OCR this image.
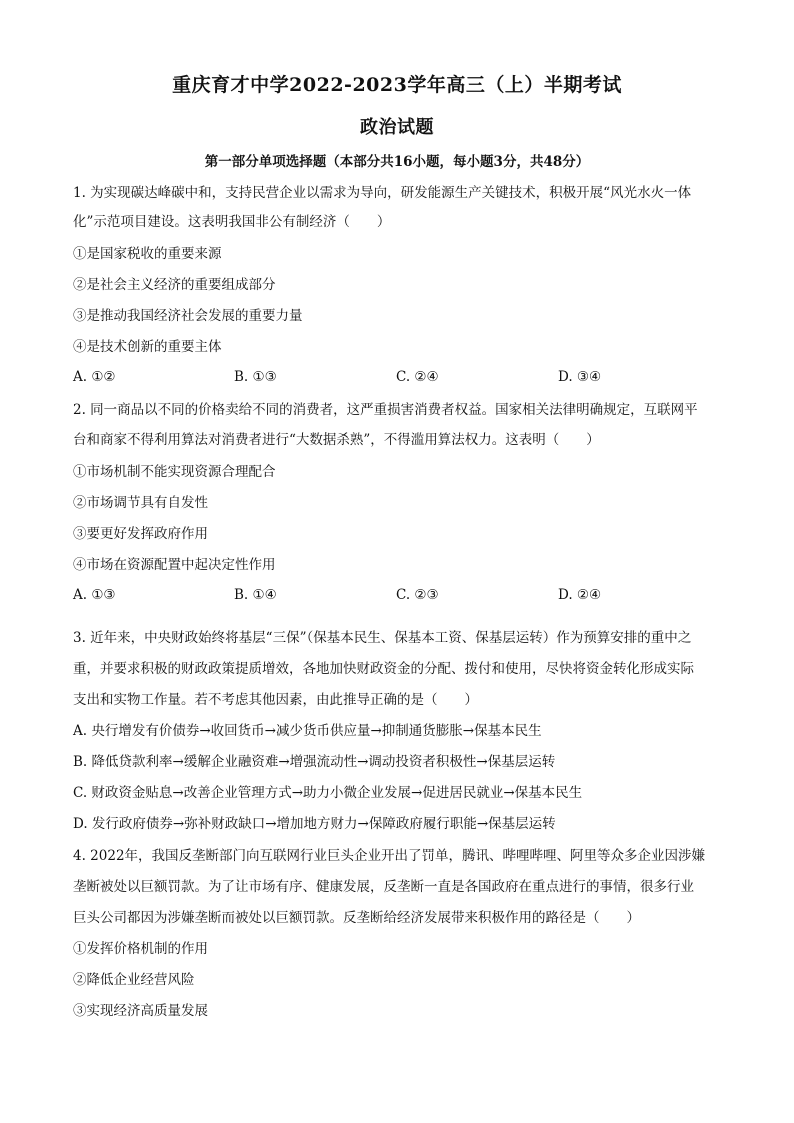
重庆育才中学2022-2023学年高三（上）半期考试
政治试题
第一部分单项选择题（本部分共16小题，每小题3分，共48分）
1. 为实现碳达峰碳中和，支持民营企业以需求为导向，研发能源生产关键技术，积极开展“风光水火一体
化”示范项目建设。这表明我国非公有制经济（　　）
①是国家税收的重要来源
②是社会主义经济的重要组成部分
③是推动我国经济社会发展的重要力量
④是技术创新的重要主体
A. ①②	B. ①③	C. ②④	D. ③④
2. 同一商品以不同的价格卖给不同的消费者，这严重损害消费者权益。国家相关法律明确规定，互联网平
台和商家不得利用算法对消费者进行“大数据杀熟”，不得滥用算法权力。这表明（　　）
①市场机制不能实现资源合理配合
②市场调节具有自发性
③要更好发挥政府作用
④市场在资源配置中起决定性作用
A. ①③	B. ①④	C. ②③	D. ②④
3. 近年来，中央财政始终将基层“三保”（保基本民生、保基本工资、保基层运转）作为预算安排的重中之
重，并要求积极的财政政策提质增效，各地加快财政资金的分配、拨付和使用，尽快将资金转化形成实际
支出和实物工作量。若不考虑其他因素，由此推导正确的是（　　）
A. 央行增发有价债券→收回货币→减少货币供应量→抑制通货膨胀→保基本民生
B. 降低贷款利率→缓解企业融资难→增强流动性→调动投资者积极性→保基层运转
C. 财政资金贴息→改善企业管理方式→助力小微企业发展→促进居民就业→保基本民生
D. 发行政府债券→弥补财政缺口→增加地方财力→保障政府履行职能→保基层运转
4. 2022年，我国反垄断部门向互联网行业巨头企业开出了罚单，腾讯、哔哩哔哩、阿里等众多企业因涉嫌
垄断被处以巨额罚款。为了让市场有序、健康发展，反垄断一直是各国政府在重点进行的事情，很多行业
巨头公司都因为涉嫌垄断而被处以巨额罚款。反垄断给经济发展带来积极作用的路径是（　　）
①发挥价格机制的作用
②降低企业经营风险
③实现经济高质量发展
